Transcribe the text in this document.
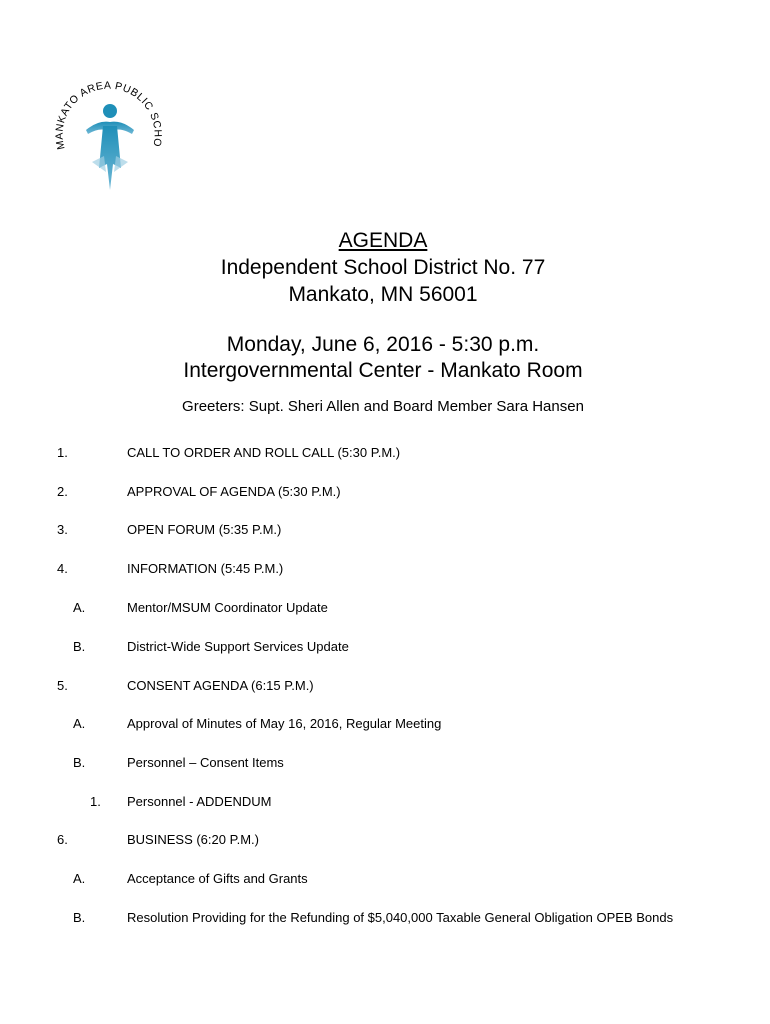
MANKATO AREA PUBLIC SCHO
AGENDA
Independent School District No. 77
Mankato, MN 56001
Monday, June 6, 2016 - 5:30 p.m.
Intergovernmental Center - Mankato Room
Greeters: Supt. Sheri Allen and Board Member Sara Hansen
1.	CALL TO ORDER AND ROLL CALL (5:30 P.M.)
2.	APPROVAL OF AGENDA (5:30 P.M.)
3.	OPEN FORUM (5:35 P.M.)
4.	INFORMATION (5:45 P.M.)
A.	Mentor/MSUM Coordinator Update
B.	District-Wide Support Services Update
5.	CONSENT AGENDA (6:15 P.M.)
A.	Approval of Minutes of May 16, 2016, Regular Meeting
B.	Personnel – Consent Items
1. Personnel - ADDENDUM
6.	BUSINESS (6:20 P.M.)
A.	Acceptance of Gifts and Grants
B.	Resolution Providing for the Refunding of $5,040,000 Taxable General Obligation OPEB Bonds
